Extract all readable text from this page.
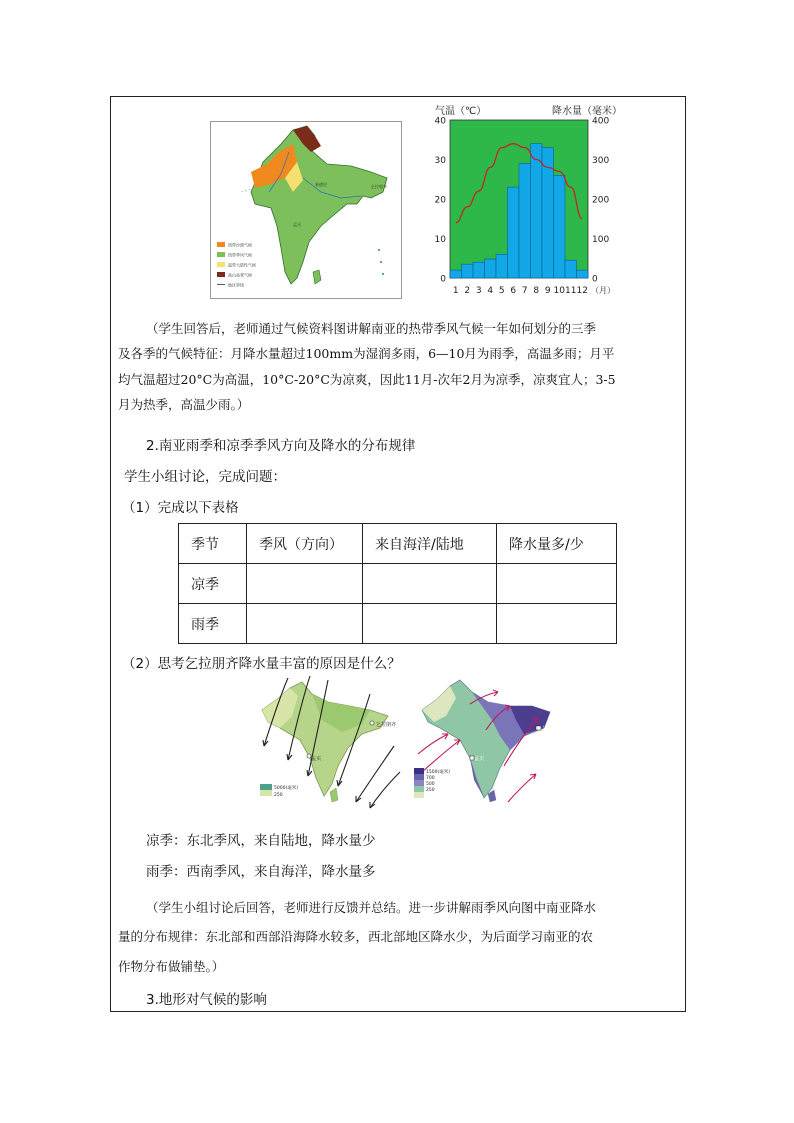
新德里
孟买
乞拉朋齐
热带沙漠气候
热带季风气候
温带大陆性气候
高山高寒气候
地区界线
气温（℃）	降水量（毫米）
40
30
20
10
0
400
300
200
100
0
1 2 3 4 5 6 7 8 9 10 11 12 （月）
（学生回答后，老师通过气候资料图讲解南亚的热带季风气候一年如何划分的三季
及各季的气候特征：月降水量超过100mm为湿润多雨，6—10月为雨季，高温多雨；月平
均气温超过20°C为高温，10°C-20°C为凉爽，因此11月-次年2月为凉季，凉爽宜人；3-5
月为热季，高温少雨。）
2.南亚雨季和凉季季风方向及降水的分布规律
学生小组讨论，完成问题：
（1）完成以下表格
季节	季风（方向）	来自海洋/陆地	降水量多/少
凉季			
雨季			
（2）思考乞拉朋齐降水量丰富的原因是什么？
乞拉朋齐
孟买
5000(毫米)
250
乞拉朋齐
孟买
1500(毫米)
700
500
250
凉季：东北季风，来自陆地，降水量少
雨季：西南季风，来自海洋，降水量多
（学生小组讨论后回答，老师进行反馈并总结。进一步讲解雨季风向图中南亚降水
量的分布规律：东北部和西部沿海降水较多，西北部地区降水少，为后面学习南亚的农
作物分布做铺垫。）
3.地形对气候的影响
